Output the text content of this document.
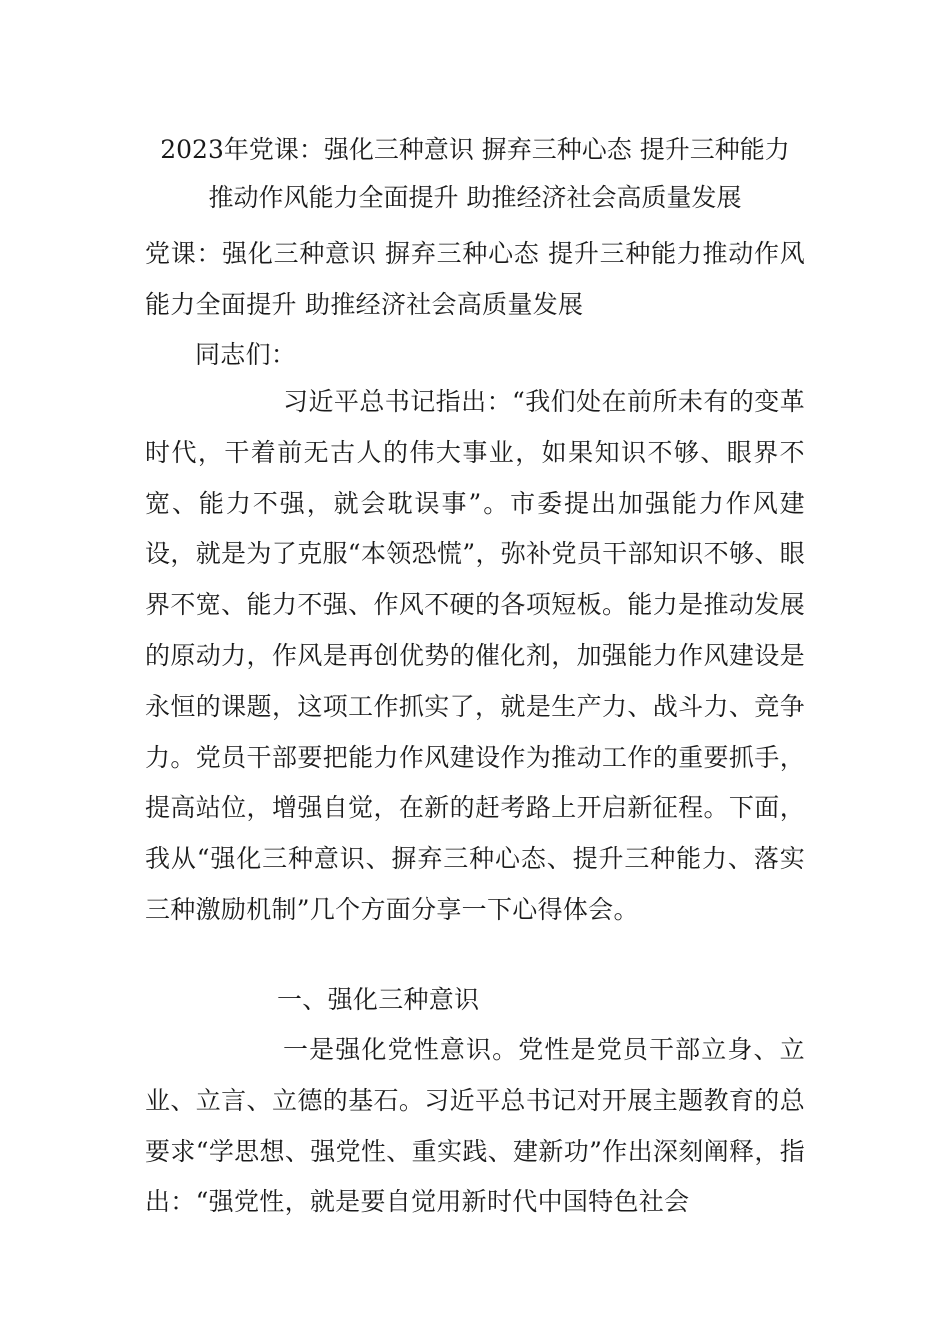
2023年党课：强化三种意识 摒弃三种心态 提升三种能力
推动作风能力全面提升 助推经济社会高质量发展
党课：强化三种意识 摒弃三种心态 提升三种能力推动作风能力全面提升 助推经济社会高质量发展
同志们：
习近平总书记指出：“我们处在前所未有的变革时代，干着前无古人的伟大事业，如果知识不够、眼界不宽、能力不强，就会耽误事”。市委提出加强能力作风建设，就是为了克服“本领恐慌”，弥补党员干部知识不够、眼界不宽、能力不强、作风不硬的各项短板。能力是推动发展的原动力，作风是再创优势的催化剂，加强能力作风建设是永恒的课题，这项工作抓实了，就是生产力、战斗力、竞争力。党员干部要把能力作风建设作为推动工作的重要抓手，提高站位，增强自觉，在新的赶考路上开启新征程。下面，我从“强化三种意识、摒弃三种心态、提升三种能力、落实三种激励机制”几个方面分享一下心得体会。
一、强化三种意识
一是强化党性意识。党性是党员干部立身、立业、立言、立德的基石。习近平总书记对开展主题教育的总要求“学思想、强党性、重实践、建新功”作出深刻阐释，指出：“强党性，就是要自觉用新时代中国特色社会
